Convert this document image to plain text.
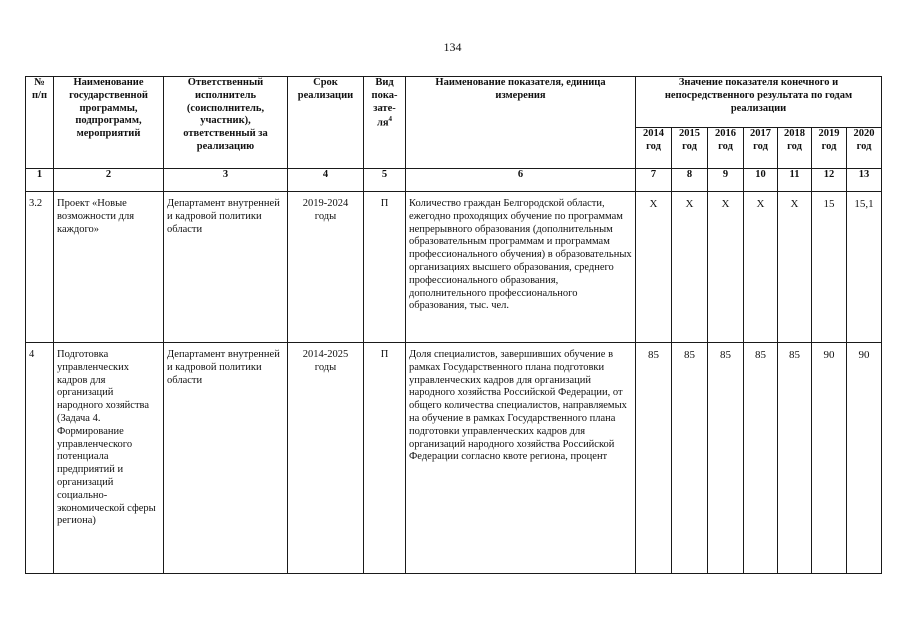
134
№ п/п	Наименование государственной программы, подпрограмм, мероприятий	Ответственный исполнитель (соисполнитель, участник), ответственный за реализацию	Срок реализации	Вид пока-$зате-ля^4$	Наименование показателя, единица измерения	Значение показателя конечного и непосредственного результата по годам реализации						
						2014 год	2015 год	2016 год	2017 год	2018 год	2019 год	2020 год
1	2	3	4	5	6	7	8	9	10	11	12	13
3.2	Проект «Новые возможности для каждого»	Департамент внутренней и кадровой политики области	2019-2024 годы	П	Количество граждан Белгородской области, ежегодно проходящих обучение по программам непрерывного образования (дополнительным образовательным программам и программам профессионального обучения) в образовательных организациях высшего образования, среднего профессионального образования, дополнительного профессионального образования, тыс. чел.	Х	Х	Х	Х	Х	15	15,1
4	Подготовка управленческих кадров для организаций народного хозяйства (Задача 4. Формирование управленческого потенциала предприятий и организаций социально-экономической сферы региона)	Департамент внутренней и кадровой политики области	2014-2025 годы	П	Доля специалистов, завершивших обучение в рамках Государственного плана подготовки управленческих кадров для организаций народного хозяйства Российской Федерации, от общего количества специалистов, направляемых на обучение в рамках Государственного плана подготовки управленческих кадров для организаций народного хозяйства Российской Федерации согласно квоте региона, процент	85	85	85	85	85	90	90
